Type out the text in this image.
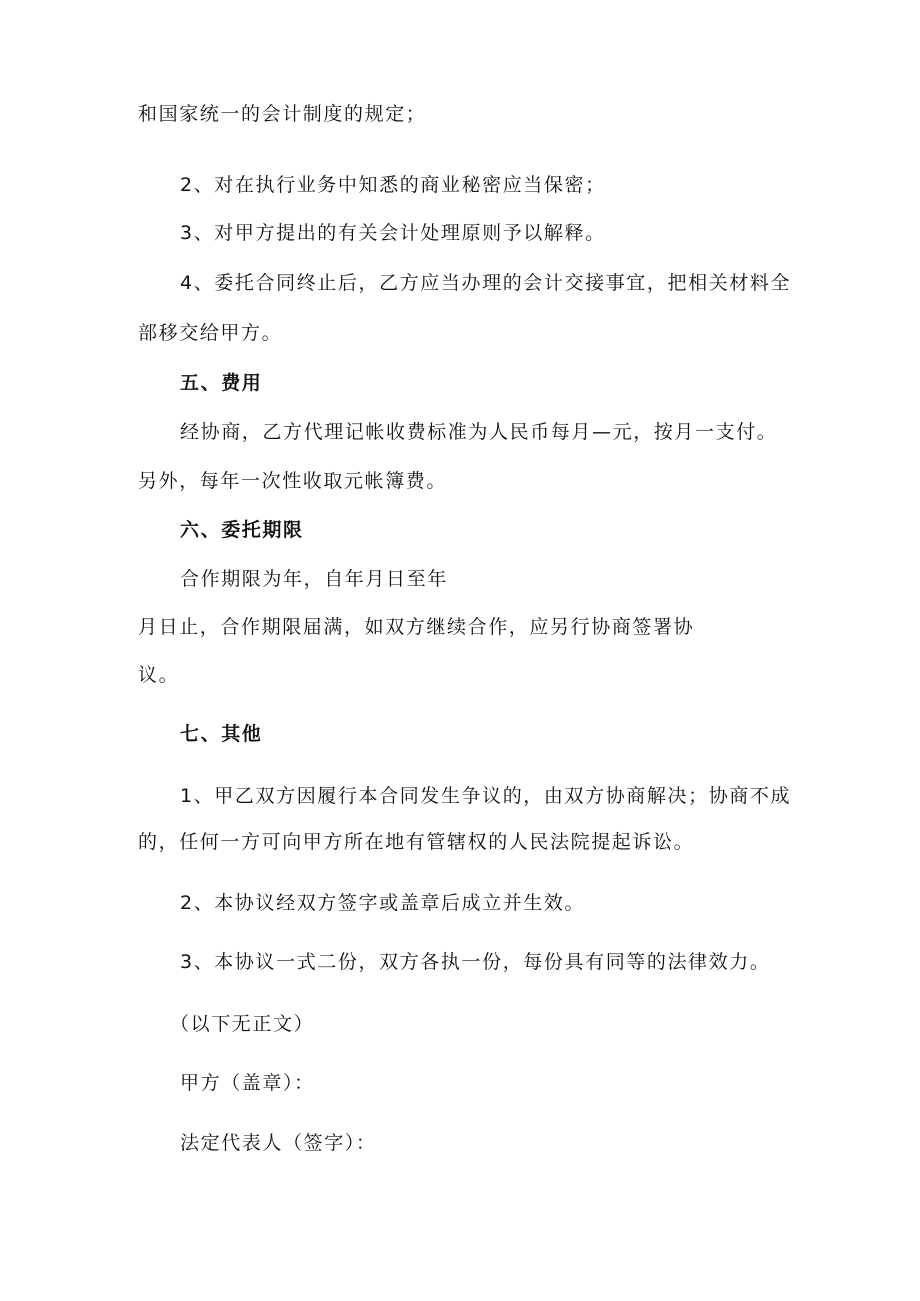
和国家统一的会计制度的规定；
2、对在执行业务中知悉的商业秘密应当保密；
3、对甲方提出的有关会计处理原则予以解释。
4、委托合同终止后，乙方应当办理的会计交接事宜，把相关材料全
部移交给甲方。
五、费用
经协商，乙方代理记帐收费标准为人民币每月—元，按月一支付。
另外，每年一次性收取元帐簿费。
六、委托期限
合作期限为年，自年月日至年
月日止，合作期限届满，如双方继续合作，应另行协商签署协
议。
七、其他
1、甲乙双方因履行本合同发生争议的，由双方协商解决；协商不成
的，任何一方可向甲方所在地有管辖权的人民法院提起诉讼。
2、本协议经双方签字或盖章后成立并生效。
3、本协议一式二份，双方各执一份，每份具有同等的法律效力。
（以下无正文）
甲方（盖章）：
法定代表人（签字）：
